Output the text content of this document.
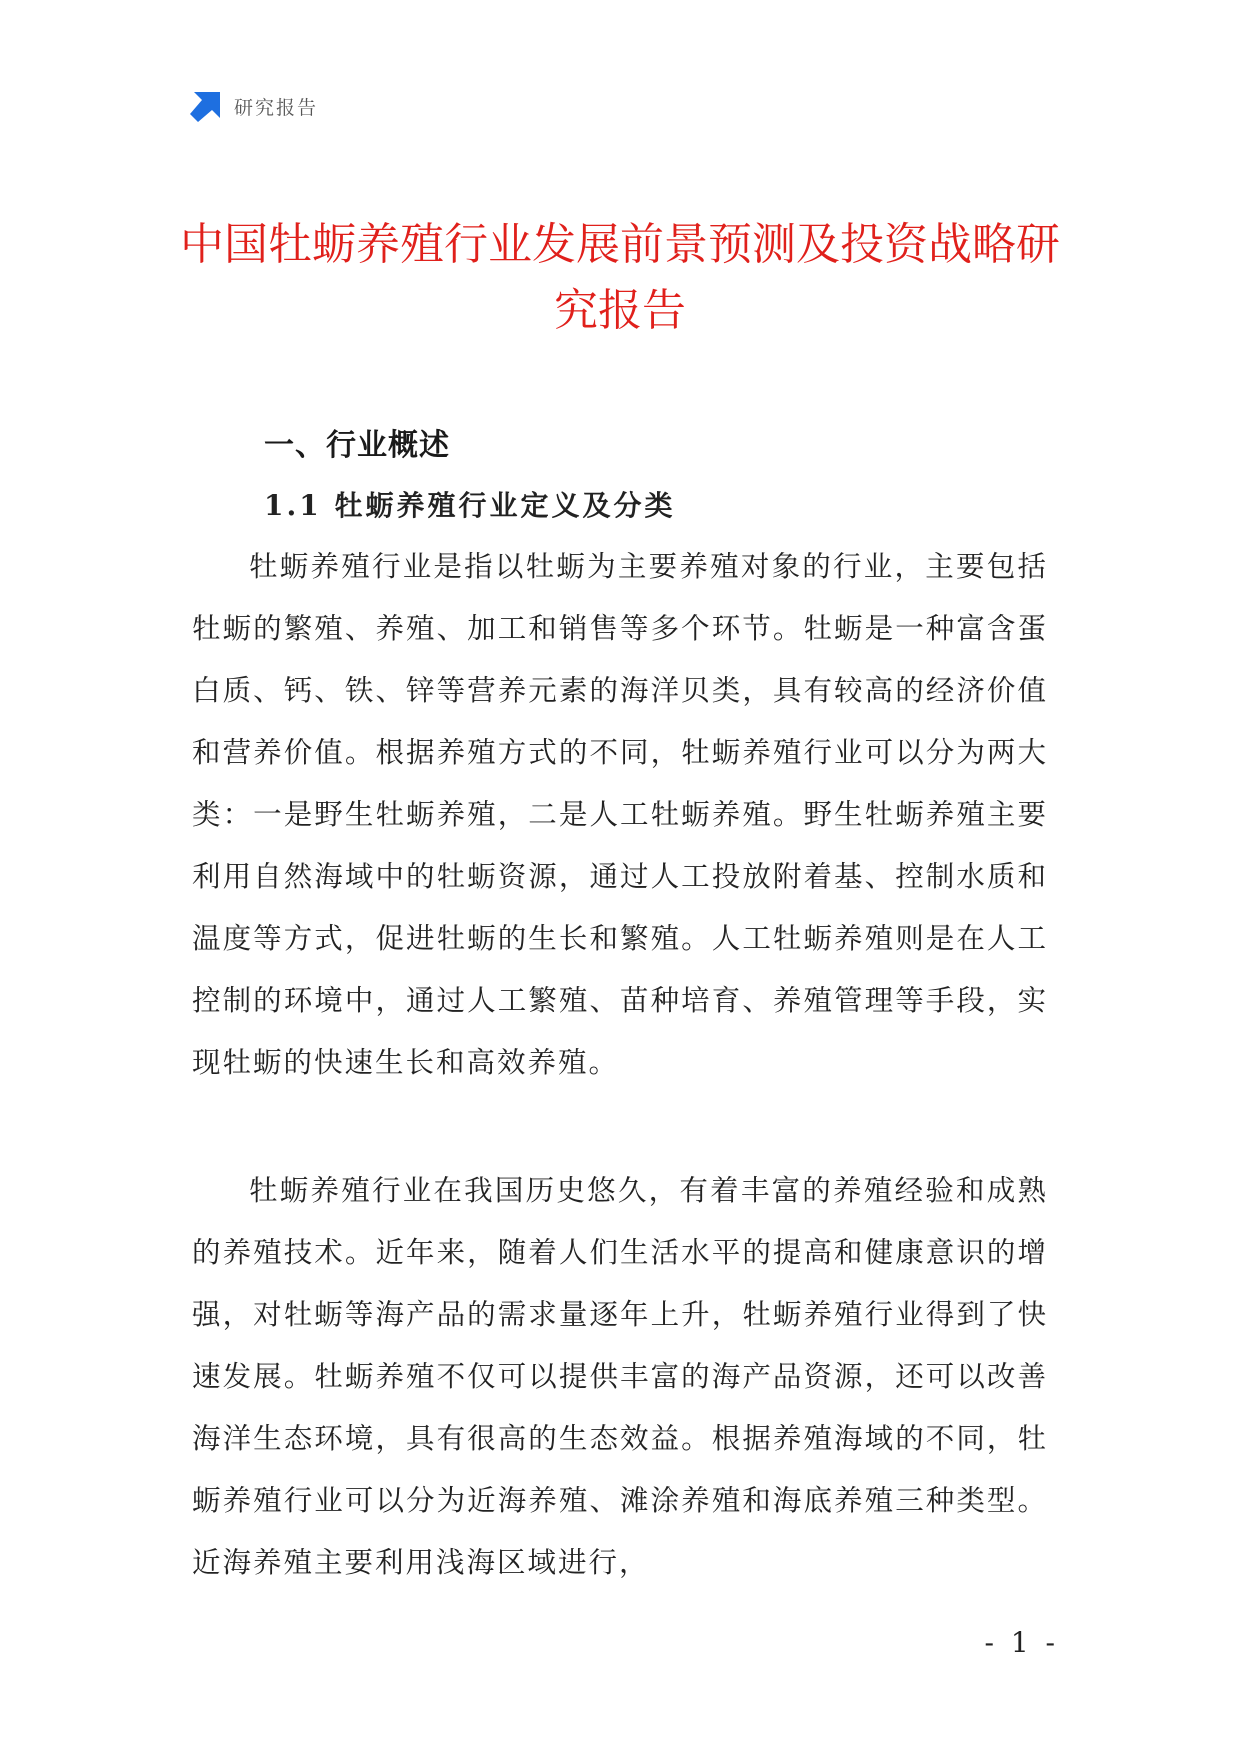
研究报告
中国牡蛎养殖行业发展前景预测及投资战略研究报告
一、行业概述
1.1 牡蛎养殖行业定义及分类

牡蛎养殖行业是指以牡蛎为主要养殖对象的行业，主要包括牡蛎的繁殖、养殖、加工和销售等多个环节。牡蛎是一种富含蛋白质、钙、铁、锌等营养元素的海洋贝类，具有较高的经济价值和营养价值。根据养殖方式的不同，牡蛎养殖行业可以分为两大类：一是野生牡蛎养殖，二是人工牡蛎养殖。野生牡蛎养殖主要利用自然海域中的牡蛎资源，通过人工投放附着基、控制水质和温度等方式，促进牡蛎的生长和繁殖。人工牡蛎养殖则是在人工控制的环境中，通过人工繁殖、苗种培育、养殖管理等手段，实现牡蛎的快速生长和高效养殖。

牡蛎养殖行业在我国历史悠久，有着丰富的养殖经验和成熟的养殖技术。近年来，随着人们生活水平的提高和健康意识的增强，对牡蛎等海产品的需求量逐年上升，牡蛎养殖行业得到了快速发展。牡蛎养殖不仅可以提供丰富的海产品资源，还可以改善海洋生态环境，具有很高的生态效益。根据养殖海域的不同，牡蛎养殖行业可以分为近海养殖、滩涂养殖和海底养殖三种类型。近海养殖主要利用浅海区域进行，

- 1 -
